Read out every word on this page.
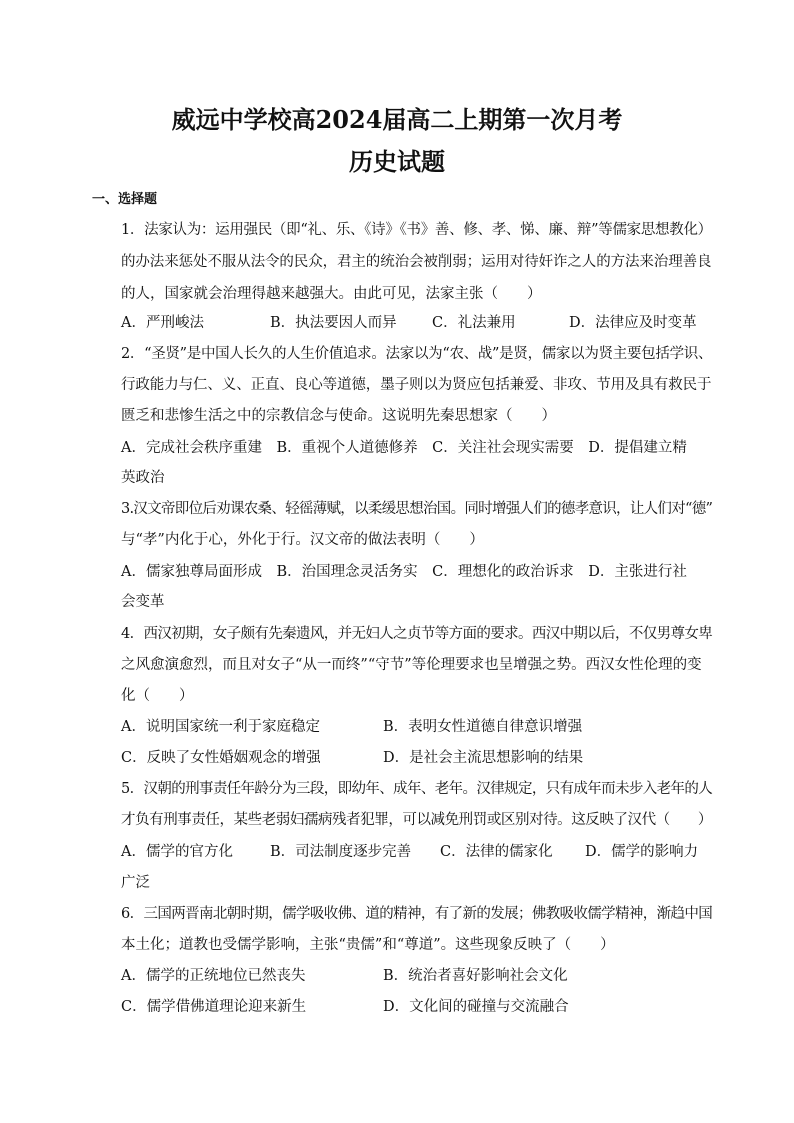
威远中学校高2024届高二上期第一次月考
历史试题
一、选择题
1．法家认为：运用强民（即“礼、乐、《诗》《书》善、修、孝、悌、廉、辩”等儒家思想教化）
的办法来惩处不服从法令的民众，君主的统治会被削弱；运用对待奸诈之人的方法来治理善良
的人，国家就会治理得越来越强大。由此可见，法家主张（　　）
A．严刑峻法	B．执法要因人而异 C．礼法兼用	D．法律应及时变革
2．“圣贤”是中国人长久的人生价值追求。法家以为“农、战”是贤，儒家以为贤主要包括学识、
行政能力与仁、义、正直、良心等道德，墨子则以为贤应包括兼爱、非攻、节用及具有救民于
匮乏和悲惨生活之中的宗教信念与使命。这说明先秦思想家（　　）
A．完成社会秩序重建　B．重视个人道德修养　C．关注社会现实需要　D．提倡建立精
英政治
3.汉文帝即位后劝课农桑、轻徭薄赋，以柔缓思想治国。同时增强人们的德孝意识，让人们对“德”
与“孝”内化于心，外化于行。汉文帝的做法表明（　　）
A．儒家独尊局面形成　B．治国理念灵活务实　C．理想化的政治诉求　D．主张进行社
会变革
4．西汉初期，女子颇有先秦遗风，并无妇人之贞节等方面的要求。西汉中期以后，不仅男尊女卑
之风愈演愈烈，而且对女子“从一而终”“守节”等伦理要求也呈增强之势。西汉女性伦理的变
化（　　）
A．说明国家统一利于家庭稳定	B．表明女性道德自律意识增强
C．反映了女性婚姻观念的增强	D．是社会主流思想影响的结果
5．汉朝的刑事责任年龄分为三段，即幼年、成年、老年。汉律规定，只有成年而未步入老年的人
才负有刑事责任，某些老弱妇孺病残者犯罪，可以减免刑罚或区别对待。这反映了汉代（　　）
A．儒学的官方化	B．司法制度逐步完善 C．法律的儒家化 D．儒学的影响力
广泛
6．三国两晋南北朝时期，儒学吸收佛、道的精神，有了新的发展；佛教吸收儒学精神，渐趋中国
本土化；道教也受儒学影响，主张“贵儒”和“尊道”。这些现象反映了（　　）
A．儒学的正统地位已然丧失	B．统治者喜好影响社会文化
C．儒学借佛道理论迎来新生	D．文化间的碰撞与交流融合
